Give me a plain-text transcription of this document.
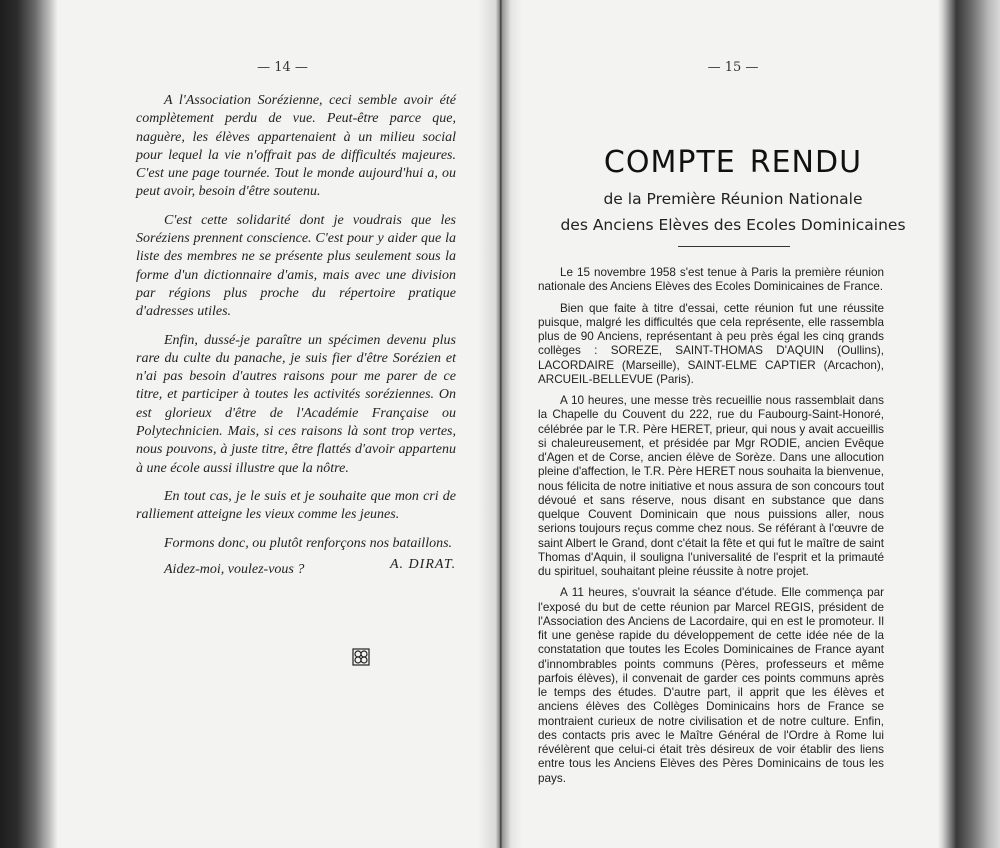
— 14 —

A l'Association Sorézienne, ceci semble avoir été complètement perdu de vue. Peut-être parce que, naguère, les élèves appartenaient à un milieu social pour lequel la vie n'offrait pas de difficultés majeures. C'est une page tournée. Tout le monde aujourd'hui a, ou peut avoir, besoin d'être soutenu.

C'est cette solidarité dont je voudrais que les Soréziens prennent conscience. C'est pour y aider que la liste des membres ne se présente plus seulement sous la forme d'un dictionnaire d'amis, mais avec une division par régions plus proche du répertoire pratique d'adresses utiles.

Enfin, dussé-je paraître un spécimen devenu plus rare du culte du panache, je suis fier d'être Sorézien et n'ai pas besoin d'autres raisons pour me parer de ce titre, et participer à toutes les activités soréziennes. On est glorieux d'être de l'Académie Française ou Polytechnicien. Mais, si ces raisons là sont trop vertes, nous pouvons, à juste titre, être flattés d'avoir appartenu à une école aussi illustre que la nôtre.

En tout cas, je le suis et je souhaite que mon cri de ralliement atteigne les vieux comme les jeunes.

Formons donc, ou plutôt renforçons nos bataillons.

Aidez-moi, voulez-vous ?	A. DIRAT.
— 15 —
COMPTE RENDU
de la Première Réunion Nationale
des Anciens Elèves des Ecoles Dominicaines

Le 15 novembre 1958 s'est tenue à Paris la première réunion nationale des Anciens Elèves des Ecoles Dominicaines de France.

Bien que faite à titre d'essai, cette réunion fut une réussite puisque, malgré les difficultés que cela représente, elle rassembla plus de 90 Anciens, représentant à peu près égal les cinq grands collèges : SOREZE, SAINT-THOMAS D'AQUIN (Oullins), LACORDAIRE (Marseille), SAINT-ELME CAPTIER (Arcachon), ARCUEIL-BELLEVUE (Paris).

A 10 heures, une messe très recueillie nous rassemblait dans la Chapelle du Couvent du 222, rue du Faubourg-Saint-Honoré, célébrée par le T.R. Père HERET, prieur, qui nous y avait accueillis si chaleureusement, et présidée par Mgr RODIE, ancien Evêque d'Agen et de Corse, ancien élève de Sorèze. Dans une allocution pleine d'affection, le T.R. Père HERET nous souhaita la bienvenue, nous félicita de notre initiative et nous assura de son concours tout dévoué et sans réserve, nous disant en substance que dans quelque Couvent Dominicain que nous puissions aller, nous serions toujours reçus comme chez nous. Se référant à l'œuvre de saint Albert le Grand, dont c'était la fête et qui fut le maître de saint Thomas d'Aquin, il souligna l'universalité de l'esprit et la primauté du spirituel, souhaitant pleine réussite à notre projet.

A 11 heures, s'ouvrait la séance d'étude. Elle commença par l'exposé du but de cette réunion par Marcel REGIS, président de l'Association des Anciens de Lacordaire, qui en est le promoteur. Il fit une genèse rapide du développement de cette idée née de la constatation que toutes les Ecoles Dominicaines de France ayant d'innombrables points communs (Pères, professeurs et même parfois élèves), il convenait de garder ces points communs après le temps des études. D'autre part, il apprit que les élèves et anciens élèves des Collèges Dominicains hors de France se montraient curieux de notre civilisation et de notre culture. Enfin, des contacts pris avec le Maître Général de l'Ordre à Rome lui révélèrent que celui-ci était très désireux de voir établir des liens entre tous les Anciens Elèves des Pères Dominicains de tous les pays.
